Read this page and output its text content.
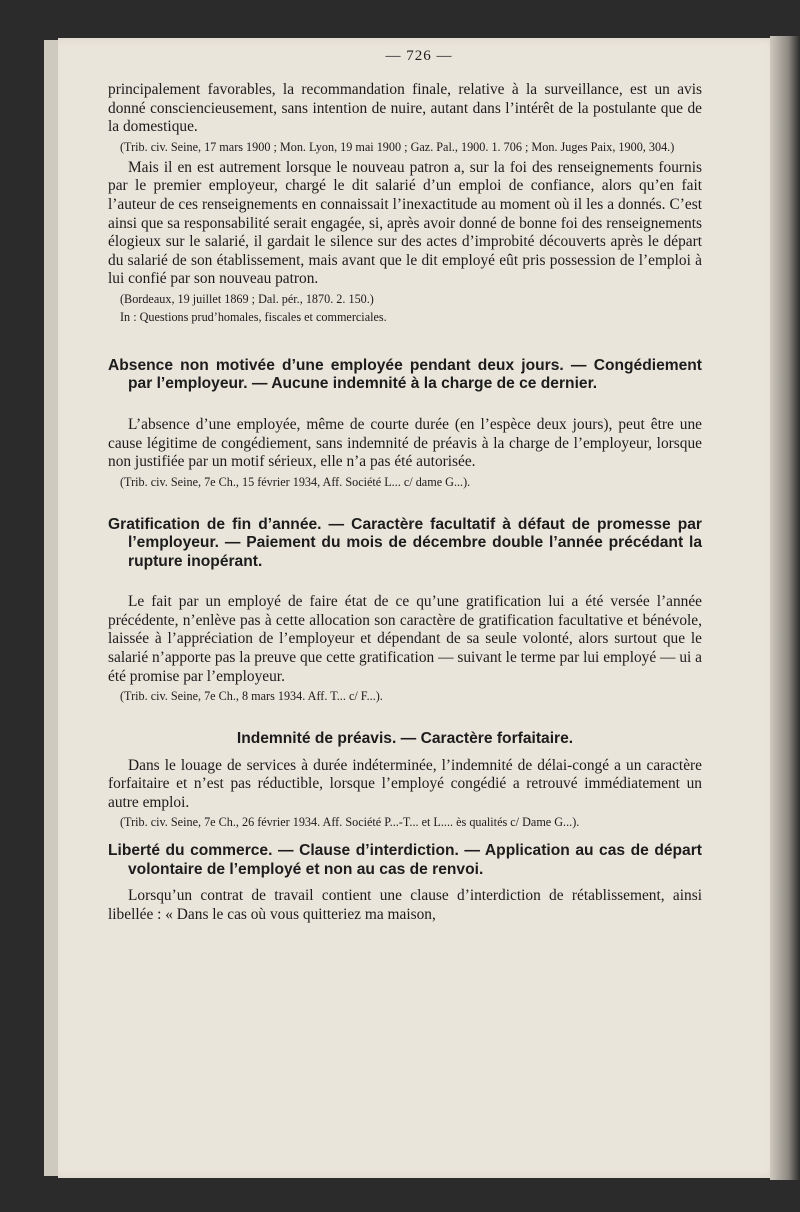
— 726 —

principalement favorables, la recommandation finale, relative à la surveillance, est un avis donné consciencieusement, sans intention de nuire, autant dans l’intérêt de la postulante que de la domestique.

(Trib. civ. Seine, 17 mars 1900 ; Mon. Lyon, 19 mai 1900 ; Gaz. Pal., 1900. 1. 706 ; Mon. Juges Paix, 1900, 304.)

Mais il en est autrement lorsque le nouveau patron a, sur la foi des renseignements fournis par le premier employeur, chargé le dit salarié d’un emploi de confiance, alors qu’en fait l’auteur de ces renseignements en connaissait l’inexactitude au moment où il les a donnés. C’est ainsi que sa responsabilité serait engagée, si, après avoir donné de bonne foi des renseignements élogieux sur le salarié, il gardait le silence sur des actes d’improbité découverts après le départ du salarié de son établissement, mais avant que le dit employé eût pris possession de l’emploi à lui confié par son nouveau patron.

(Bordeaux, 19 juillet 1869 ; Dal. pér., 1870. 2. 150.)

In : Questions prud’homales, fiscales et commerciales.

Absence non motivée d’une employée pendant deux jours. — Congédiement par l’employeur. — Aucune indemnité à la charge de ce dernier.

L’absence d’une employée, même de courte durée (en l’espèce deux jours), peut être une cause légitime de congédiement, sans indemnité de préavis à la charge de l’employeur, lorsque non justifiée par un motif sérieux, elle n’a pas été autorisée.

(Trib. civ. Seine, 7e Ch., 15 février 1934, Aff. Société L... c/ dame G...).

Gratification de fin d’année. — Caractère facultatif à défaut de promesse par l’employeur. — Paiement du mois de décembre double l’année précédant la rupture inopérant.

Le fait par un employé de faire état de ce qu’une gratification lui a été versée l’année précédente, n’enlève pas à cette allocation son caractère de gratification facultative et bénévole, laissée à l’appréciation de l’employeur et dépendant de sa seule volonté, alors surtout que le salarié n’apporte pas la preuve que cette gratification — suivant le terme par lui employé — ui a été promise par l’employeur.

(Trib. civ. Seine, 7e Ch., 8 mars 1934. Aff. T... c/ F...).

Indemnité de préavis. — Caractère forfaitaire.

Dans le louage de services à durée indéterminée, l’indemnité de délai-congé a un caractère forfaitaire et n’est pas réductible, lorsque l’employé congédié a retrouvé immédiatement un autre emploi.

(Trib. civ. Seine, 7e Ch., 26 février 1934. Aff. Société P...-T... et L.... ès qualités c/ Dame G...).

Liberté du commerce. — Clause d’interdiction. — Application au cas de départ volontaire de l’employé et non au cas de renvoi.

Lorsqu’un contrat de travail contient une clause d’interdiction de rétablissement, ainsi libellée : « Dans le cas où vous quitteriez ma maison,
